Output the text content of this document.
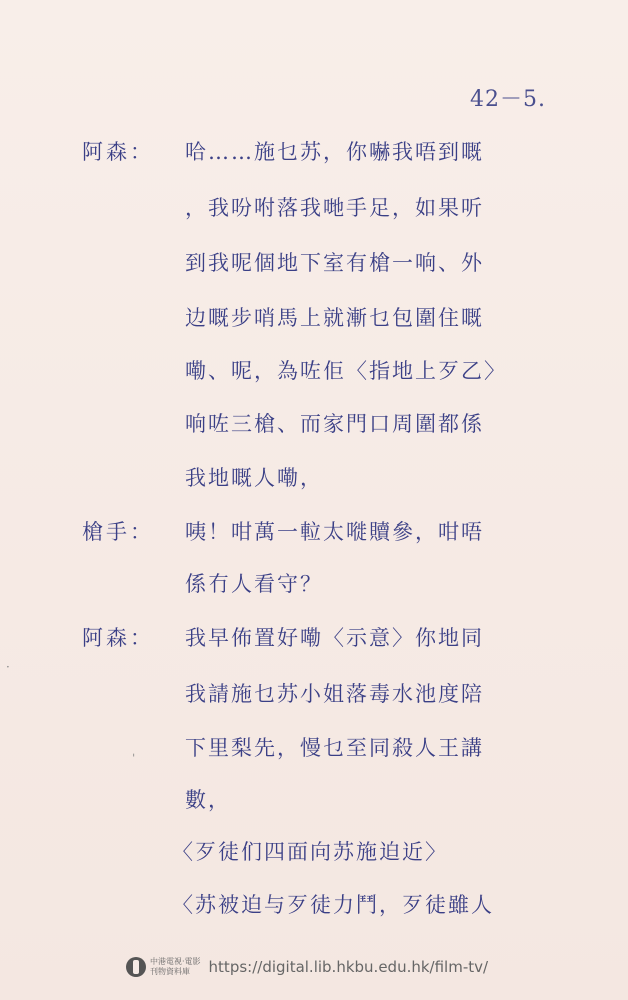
42－5.
阿森： 哈……施乜苏，你嚇我唔到嘅
，我吩咐落我哋手足，如果听
到我呢個地下室有槍一响、外
边嘅步哨馬上就漸乜包圍住嘅
嘞、呢，為咗佢〈指地上歹乙〉
响咗三槍、而家門口周圍都係
我地嘅人嘞，
槍手： 咦！咁萬一𨋢太嘥贖參，咁唔
係冇人看守？
阿森： 我早佈置好嘞〈示意〉你地同
我請施乜苏小姐落毒水池度陪
下里梨先，慢乜至同殺人王講
數，
〈歹徒们四面向苏施迫近〉
〈苏被迫与歹徒力鬥，歹徒雖人
ˌ
·
中港電視·電影
刊物資料庫	https://digital.lib.hkbu.edu.hk/film-tv/
